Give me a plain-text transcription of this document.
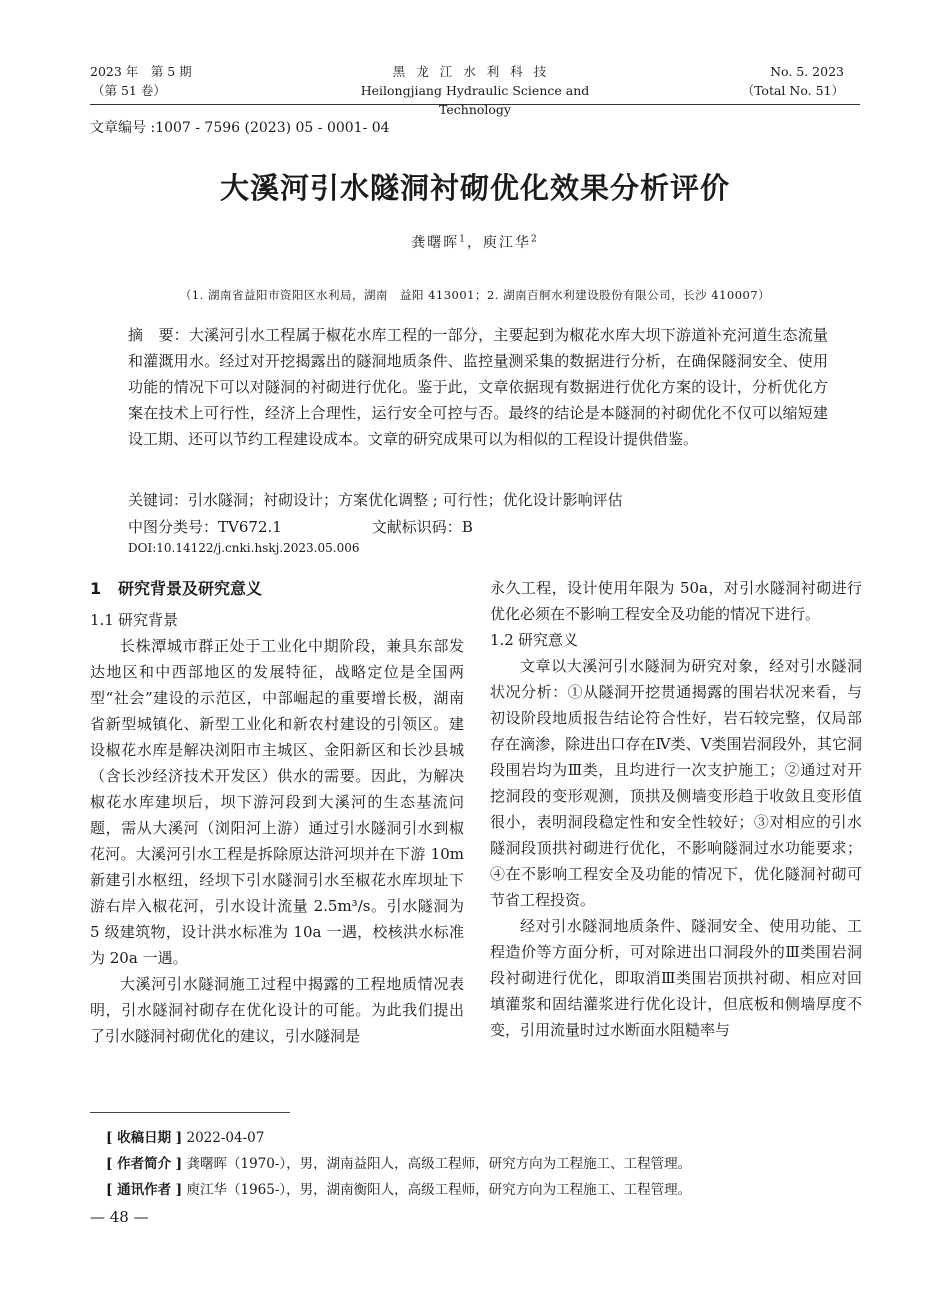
2023 年　第 5 期
（第 51 卷）
黑龙江水利科技
Heilongjiang Hydraulic Science and Technology
No. 5. 2023
（Total No. 51）
文章编号 :1007 - 7596 (2023) 05 - 0001- 04
大溪河引水隧洞衬砌优化效果分析评价
龚曙晖$^1$，庾江华$^2$
（1. 湖南省益阳市资阳区水利局，湖南　益阳 413001；2. 湖南百舸水利建设股份有限公司，长沙 410007）

摘　要：大溪河引水工程属于椒花水库工程的一部分，主要起到为椒花水库大坝下游道补充河道生态流量和灌溉用水。经过对开挖揭露出的隧洞地质条件、监控量测采集的数据进行分析，在确保隧洞安全、使用功能的情况下可以对隧洞的衬砌进行优化。鉴于此，文章依据现有数据进行优化方案的设计，分析优化方案在技术上可行性，经济上合理性，运行安全可控与否。最终的结论是本隧洞的衬砌优化不仅可以缩短建设工期、还可以节约工程建设成本。文章的研究成果可以为相似的工程设计提供借鉴。

关键词：引水隧洞；衬砌设计；方案优化调整 ; 可行性；优化设计影响评估
中图分类号：TV672.1	文献标识码：B
DOI:10.14122/j.cnki.hskj.2023.05.006
1 研究背景及研究意义
1.1 研究背景

长株潭城市群正处于工业化中期阶段，兼具东部发达地区和中西部地区的发展特征，战略定位是全国两型“社会”建设的示范区，中部崛起的重要增长极，湖南省新型城镇化、新型工业化和新农村建设的引领区。建设椒花水库是解决浏阳市主城区、金阳新区和长沙县城（含长沙经济技术开发区）供水的需要。因此，为解决椒花水库建坝后，坝下游河段到大溪河的生态基流问题，需从大溪河（浏阳河上游）通过引水隧洞引水到椒花河。大溪河引水工程是拆除原达浒河坝并在下游 10m 新建引水枢纽，经坝下引水隧洞引水至椒花水库坝址下游右岸入椒花河，引水设计流量 2.5m³/s。引水隧洞为 5 级建筑物，设计洪水标准为 10a 一遇，校核洪水标准为 20a 一遇。

大溪河引水隧洞施工过程中揭露的工程地质情况表明，引水隧洞衬砌存在优化设计的可能。为此我们提出了引水隧洞衬砌优化的建议，引水隧洞是

永久工程，设计使用年限为 50a，对引水隧洞衬砌进行优化必须在不影响工程安全及功能的情况下进行。

1.2 研究意义

文章以大溪河引水隧洞为研究对象，经对引水隧洞状况分析：①从隧洞开挖贯通揭露的围岩状况来看，与初设阶段地质报告结论符合性好，岩石较完整，仅局部存在滴渗，除进出口存在Ⅳ类、Ⅴ类围岩洞段外，其它洞段围岩均为Ⅲ类，且均进行一次支护施工；②通过对开挖洞段的变形观测，顶拱及侧墙变形趋于收敛且变形值很小，表明洞段稳定性和安全性较好；③对相应的引水隧洞段顶拱衬砌进行优化，不影响隧洞过水功能要求；④在不影响工程安全及功能的情况下，优化隧洞衬砌可节省工程投资。

经对引水隧洞地质条件、隧洞安全、使用功能、工程造价等方面分析，可对除进出口洞段外的Ⅲ类围岩洞段衬砌进行优化，即取消Ⅲ类围岩顶拱衬砌、相应对回填灌浆和固结灌浆进行优化设计，但底板和侧墙厚度不变，引用流量时过水断面水阻糙率与

[ 收稿日期 ] 2022-04-07
[ 作者简介 ] 龚曙晖（1970-），男，湖南益阳人，高级工程师，研究方向为工程施工、工程管理。
[ 通讯作者 ] 庾江华（1965-），男，湖南衡阳人，高级工程师，研究方向为工程施工、工程管理。
— 48 —
